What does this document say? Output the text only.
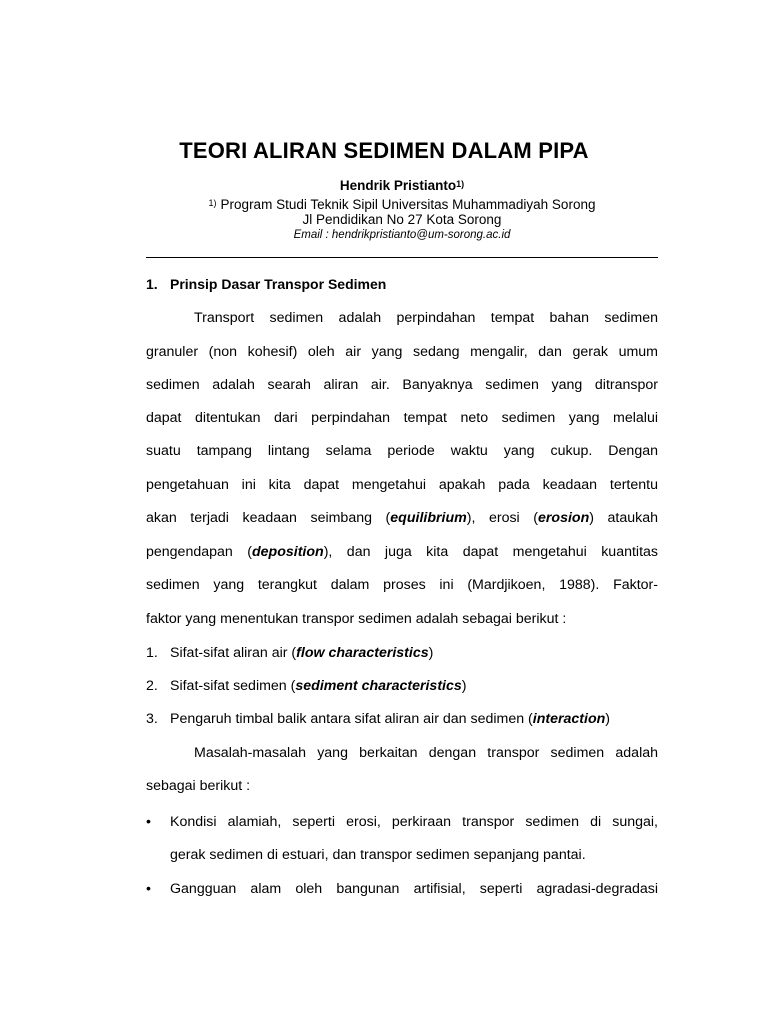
TEORI ALIRAN SEDIMEN DALAM PIPA
Hendrik Pristianto$^{1)}$
$^{1)}$ Program Studi Teknik Sipil Universitas Muhammadiyah Sorong
Jl Pendidikan No 27 Kota Sorong
Email : hendrikpristianto@um-sorong.ac.id
1. Prinsip Dasar Transpor Sedimen
Transport sedimen adalah perpindahan tempat bahan sedimen
granuler (non kohesif) oleh air yang sedang mengalir, dan gerak umum
sedimen adalah searah aliran air. Banyaknya sedimen yang ditranspor
dapat ditentukan dari perpindahan tempat neto sedimen yang melalui
suatu tampang lintang selama periode waktu yang cukup. Dengan
pengetahuan ini kita dapat mengetahui apakah pada keadaan tertentu
akan terjadi keadaan seimbang (equilibrium), erosi (erosion) ataukah
pengendapan (deposition), dan juga kita dapat mengetahui kuantitas
sedimen yang terangkut dalam proses ini (Mardjikoen, 1988). Faktor-
faktor yang menentukan transpor sedimen adalah sebagai berikut :
1. Sifat-sifat aliran air (flow characteristics)
2. Sifat-sifat sedimen (sediment characteristics)
3. Pengaruh timbal balik antara sifat aliran air dan sedimen (interaction)
Masalah-masalah yang berkaitan dengan transpor sedimen adalah
sebagai berikut :
•	Kondisi alamiah, seperti erosi, perkiraan transpor sedimen di sungai,
gerak sedimen di estuari, dan transpor sedimen sepanjang pantai.
•	Gangguan alam oleh bangunan artifisial, seperti agradasi-degradasi
